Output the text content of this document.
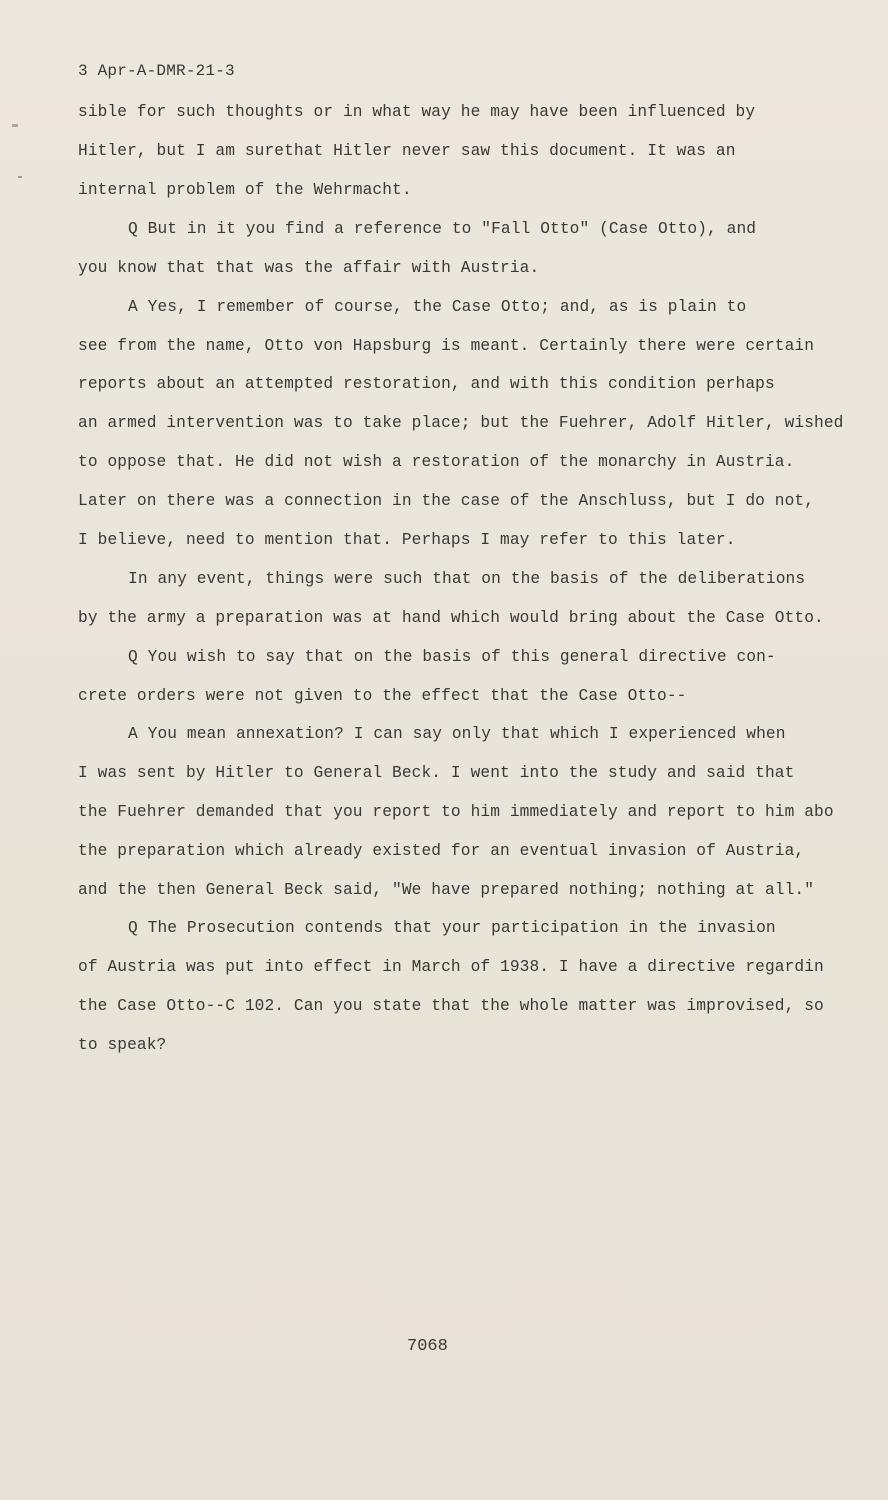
3 Apr-A-DMR-21-3
sible for such thoughts or in what way he may have been influenced by
Hitler, but I am surethat Hitler never saw this document. It was an
internal problem of the Wehrmacht.
Q But in it you find a reference to "Fall Otto" (Case Otto), and
you know that that was the affair with Austria.
A Yes, I remember of course, the Case Otto; and, as is plain to
see from the name, Otto von Hapsburg is meant. Certainly there were certain
reports about an attempted restoration, and with this condition perhaps
an armed intervention was to take place; but the Fuehrer, Adolf Hitler, wished
to oppose that. He did not wish a restoration of the monarchy in Austria.
Later on there was a connection in the case of the Anschluss, but I do not,
I believe, need to mention that. Perhaps I may refer to this later.
In any event, things were such that on the basis of the deliberations
by the army a preparation was at hand which would bring about the Case Otto.
Q You wish to say that on the basis of this general directive con-
crete orders were not given to the effect that the Case Otto--
A You mean annexation? I can say only that which I experienced when
I was sent by Hitler to General Beck. I went into the study and said that
the Fuehrer demanded that you report to him immediately and report to him abo
the preparation which already existed for an eventual invasion of Austria,
and the then General Beck said, "We have prepared nothing; nothing at all."
Q The Prosecution contends that your participation in the invasion
of Austria was put into effect in March of 1938. I have a directive regardin
the Case Otto--C 102. Can you state that the whole matter was improvised, so
to speak?
7068
